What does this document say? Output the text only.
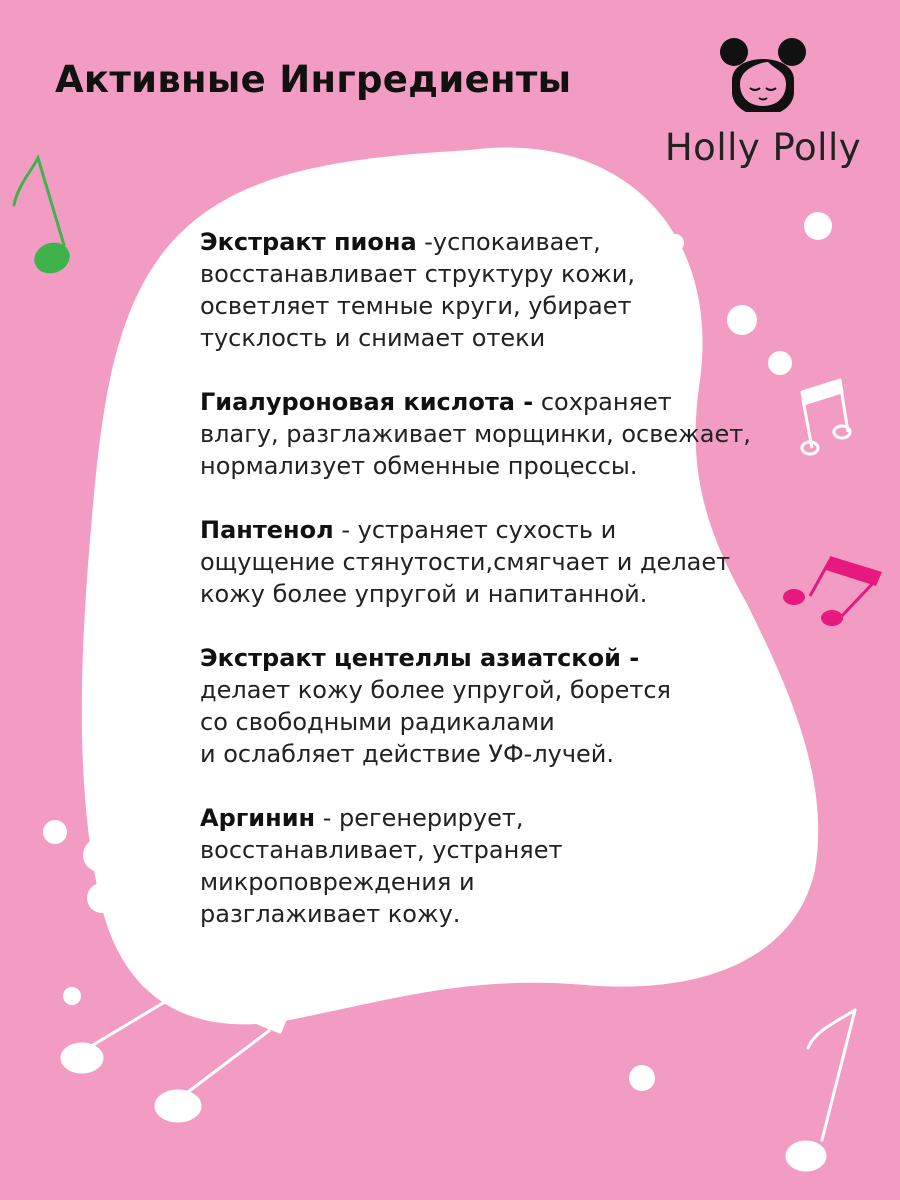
Активные Ингредиенты
Holly Polly

Экстракт пиона -успокаивает,
восстанавливает структуру кожи,
осветляет темные круги, убирает
тусклость и снимает отеки

Гиалуроновая кислота - сохраняет
влагу, разглаживает морщинки, освежает,
нормализует обменные процессы.

Пантенол - устраняет сухость и
ощущение стянутости,смягчает и делает
кожу более упругой и напитанной.

Экстракт центеллы азиатской -
делает кожу более упругой, борется
со свободными радикалами
и ослабляет действие УФ-лучей.

Аргинин - регенерирует,
восстанавливает, устраняет
микроповреждения и
разглаживает кожу.
